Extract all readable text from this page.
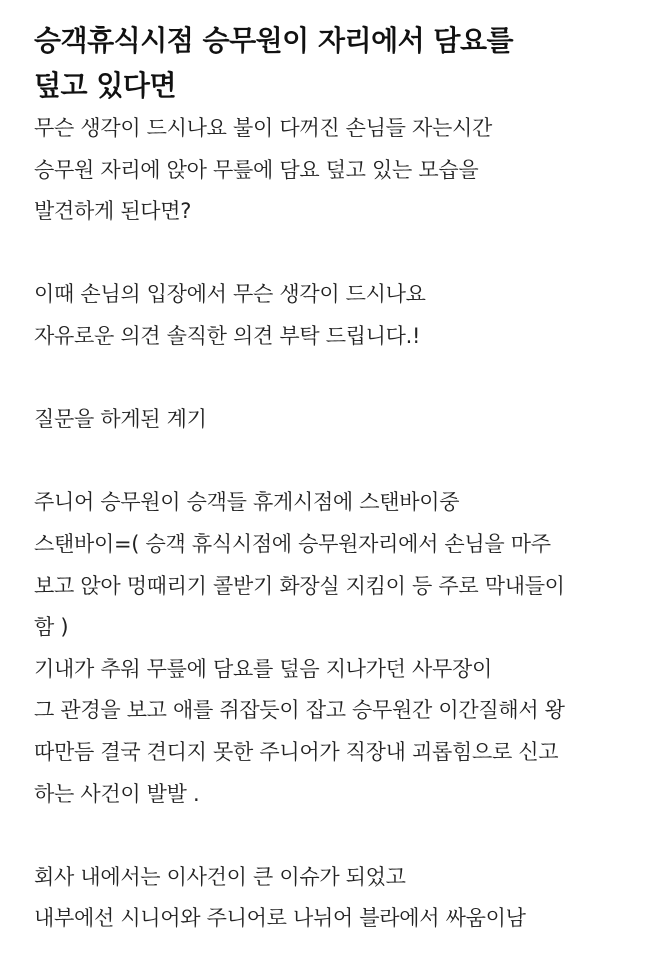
승객휴식시점 승무원이 자리에서 담요를
덮고 있다면
무슨 생각이 드시나요 불이 다꺼진 손님들 자는시간
승무원 자리에 앉아 무릎에 담요 덮고 있는 모습을
발견하게 된다면?
이때 손님의 입장에서 무슨 생각이 드시나요
자유로운 의견 솔직한 의견 부탁 드립니다.!
질문을 하게된 계기
주니어 승무원이 승객들 휴게시점에 스탠바이중
스탠바이=( 승객 휴식시점에 승무원자리에서 손님을 마주
보고 앉아 멍때리기 콜받기 화장실 지킴이 등 주로 막내들이
함 )
기내가 추워 무릎에 담요를 덮음 지나가던 사무장이
그 관경을 보고 애를 쥐잡듯이 잡고 승무원간 이간질해서 왕
따만듬 결국 견디지 못한 주니어가 직장내 괴롭힘으로 신고
하는 사건이 발발 .
회사 내에서는 이사건이 큰 이슈가 되었고
내부에선 시니어와 주니어로 나뉘어 블라에서 싸움이남
